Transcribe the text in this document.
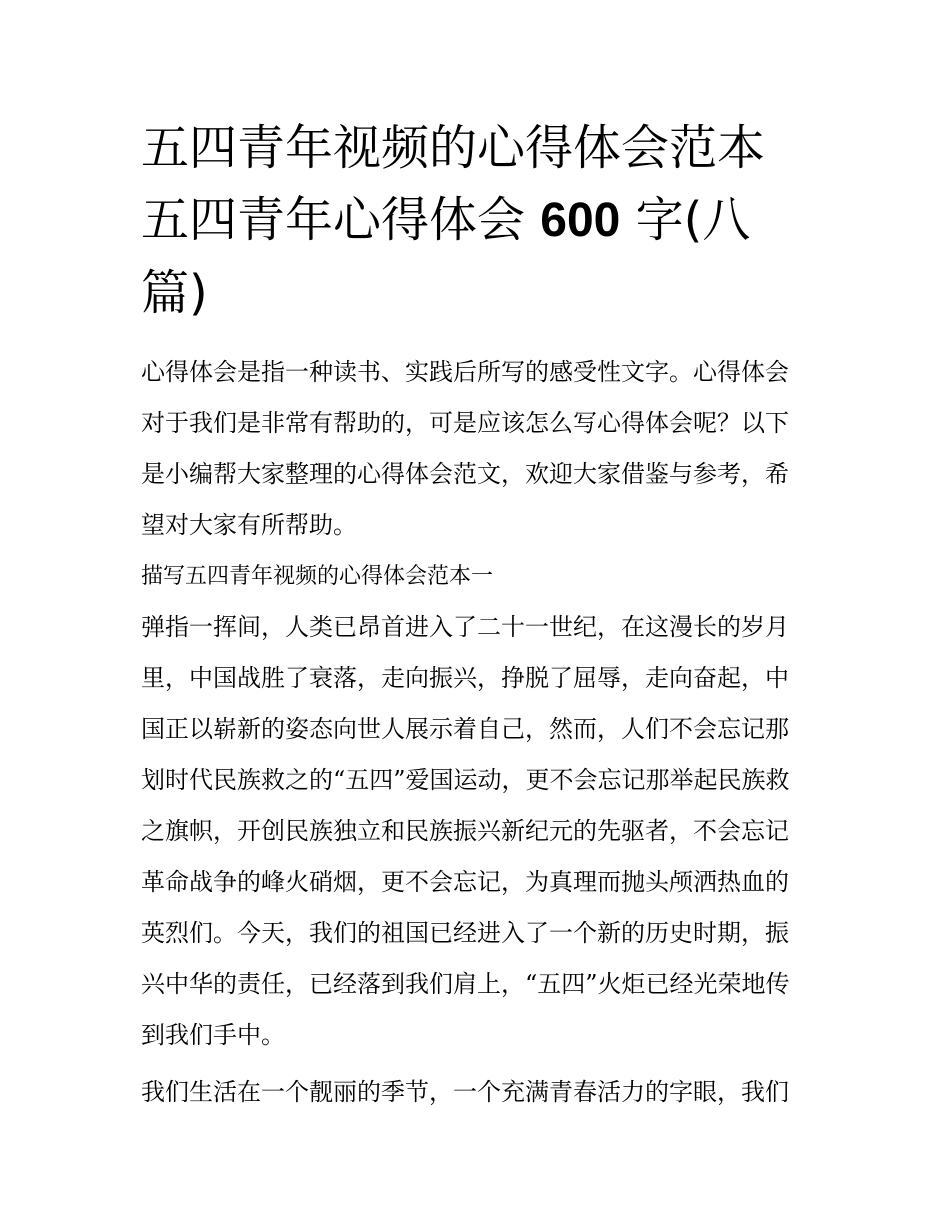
五四青年视频的心得体会范本
五四青年心得体会 600 字(八
篇)

心得体会是指一种读书、实践后所写的感受性文字。心得体会
对于我们是非常有帮助的，可是应该怎么写心得体会呢？以下
是小编帮大家整理的心得体会范文，欢迎大家借鉴与参考，希
望对大家有所帮助。

描写五四青年视频的心得体会范本一

弹指一挥间，人类已昂首进入了二十一世纪，在这漫长的岁月
里，中国战胜了衰落，走向振兴，挣脱了屈辱，走向奋起，中
国正以崭新的姿态向世人展示着自己，然而，人们不会忘记那
划时代民族救之的“五四”爱国运动，更不会忘记那举起民族救
之旗帜，开创民族独立和民族振兴新纪元的先驱者，不会忘记
革命战争的峰火硝烟，更不会忘记，为真理而抛头颅洒热血的
英烈们。今天，我们的祖国已经进入了一个新的历史时期，振
兴中华的责任，已经落到我们肩上，“五四”火炬已经光荣地传
到我们手中。

我们生活在一个靓丽的季节，一个充满青春活力的字眼，我们
